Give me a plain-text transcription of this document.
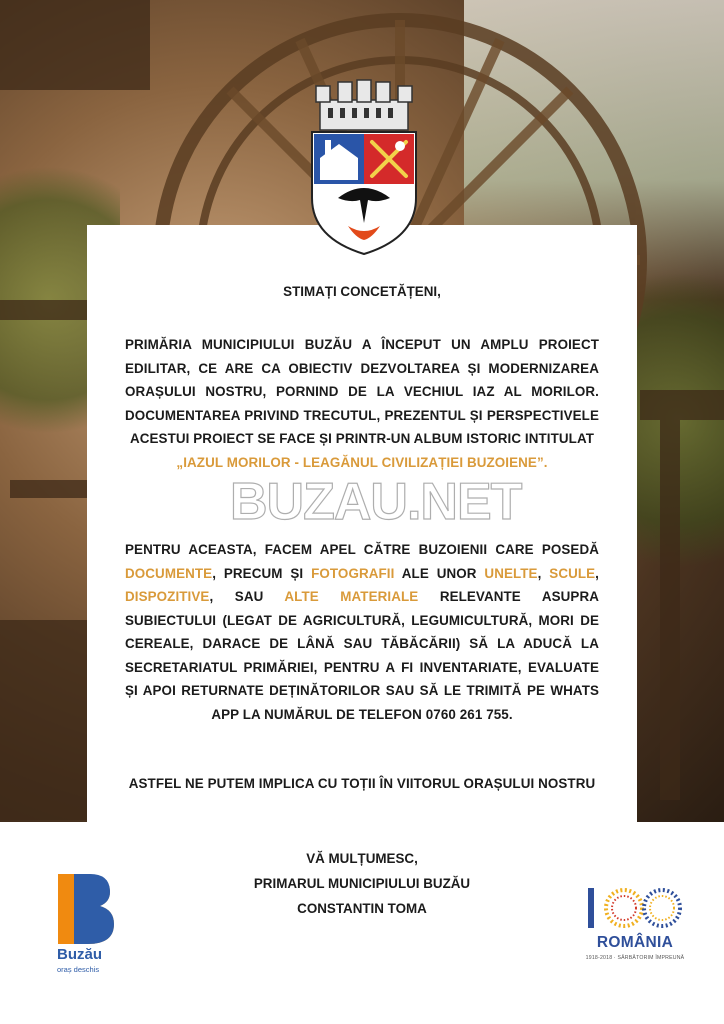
STIMAȚI CONCETĂȚENI,
PRIMĂRIA MUNICIPIULUI BUZĂU A ÎNCEPUT UN AMPLU PROIECT EDILITAR, CE ARE CA OBIECTIV DEZVOLTAREA ȘI MODERNIZAREA ORAȘULUI NOSTRU, PORNIND DE LA VECHIUL IAZ AL MORILOR. DOCUMENTAREA PRIVIND TRECUTUL, PREZENTUL ȘI PERSPECTIVELE ACESTUI PROIECT SE FACE ȘI PRINTR-UN ALBUM ISTORIC INTITULAT
„IAZUL MORILOR - LEAGĂNUL CIVILIZAȚIEI BUZOIENE”.
BUZAU.NET
PENTRU ACEASTA, FACEM APEL CĂTRE BUZOIENII CARE POSEDĂ DOCUMENTE, PRECUM ȘI FOTOGRAFII ALE UNOR UNELTE, SCULE, DISPOZITIVE, SAU ALTE MATERIALE RELEVANTE ASUPRA SUBIECTULUI (LEGAT DE AGRICULTURĂ, LEGUMICULTURĂ, MORI DE CEREALE, DARACE DE LÂNĂ SAU TĂBĂCĂRII) SĂ LA ADUCĂ LA SECRETARIATUL PRIMĂRIEI, PENTRU A FI INVENTARIATE, EVALUATE ȘI APOI RETURNATE DEȚINĂTORILOR SAU SĂ LE TRIMITĂ PE WHATS APP LA NUMĂRUL DE TELEFON 0760 261 755.
ASTFEL NE PUTEM IMPLICA CU TOȚII ÎN VIITORUL ORAȘULUI NOSTRU
VĂ MULȚUMESC,
PRIMARUL MUNICIPIULUI BUZĂU
CONSTANTIN TOMA
Buzău
oraș deschis
ROMÂNIA
1918-2018 · SĂRBĂTORIM ÎMPREUNĂ
